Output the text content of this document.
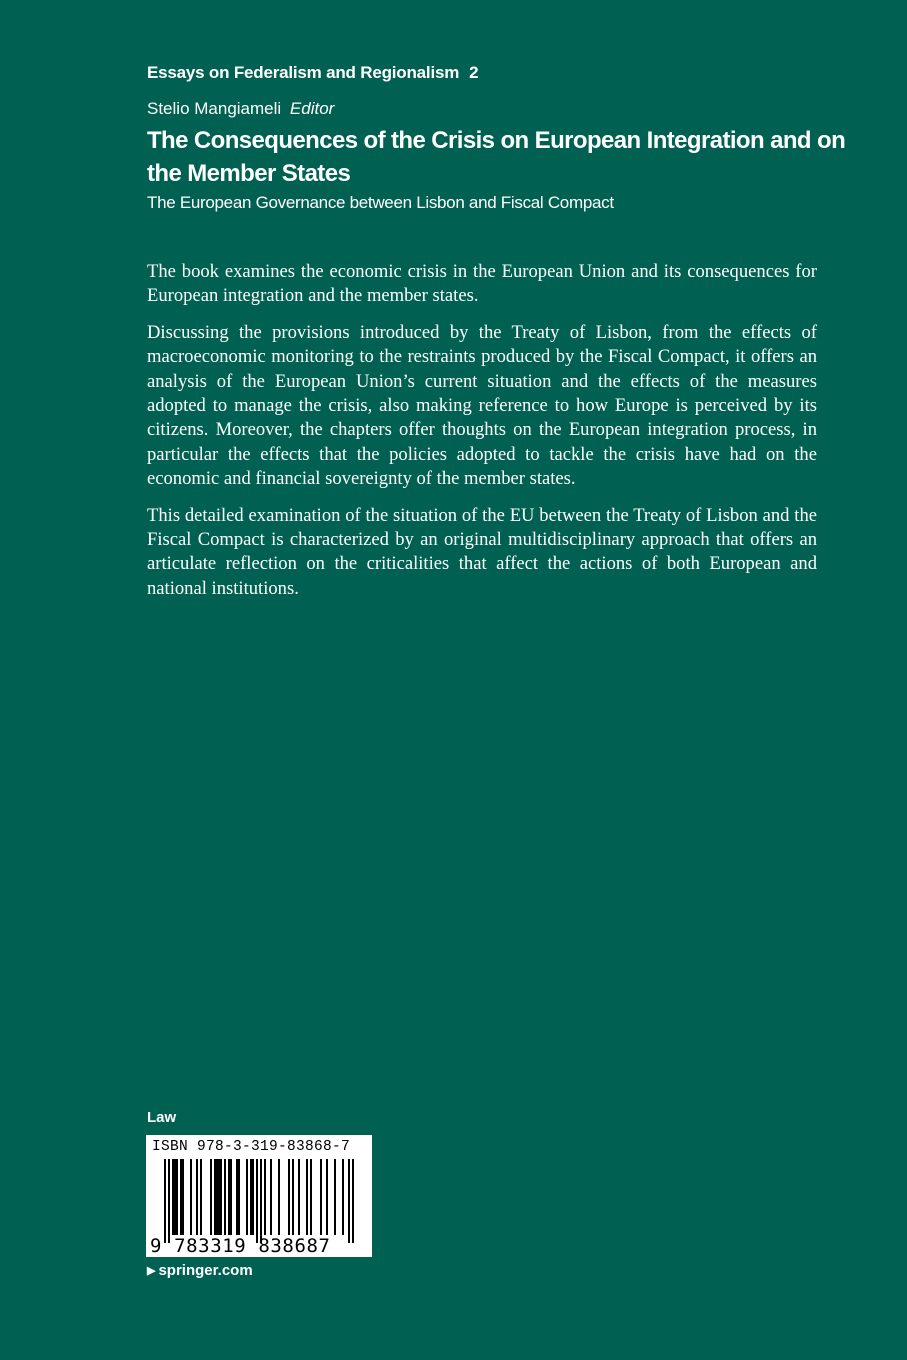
Essays on Federalism and Regionalism 2
Stelio Mangiameli Editor
The Consequences of the Crisis on European Integration and on the Member States
The European Governance between Lisbon and Fiscal Compact

The book examines the economic crisis in the European Union and its consequences for European integration and the member states.

Discussing the provisions introduced by the Treaty of Lisbon, from the effects of macroeconomic monitoring to the restraints produced by the Fiscal Compact, it offers an analysis of the European Union’s current situation and the effects of the measures adopted to manage the crisis, also making reference to how Europe is perceived by its citizens. Moreover, the chapters offer thoughts on the European integration process, in particular the effects that the policies adopted to tackle the crisis have had on the economic and financial sovereignty of the member states.

This detailed examination of the situation of the EU between the Treaty of Lisbon and the Fiscal Compact is characterized by an original multidisciplinary approach that offers an articulate reflection on the criticalities that affect the actions of both European and national institutions.

Law
ISBN 978-3-319-83868-7
9 783319 838687
▶ springer.com
